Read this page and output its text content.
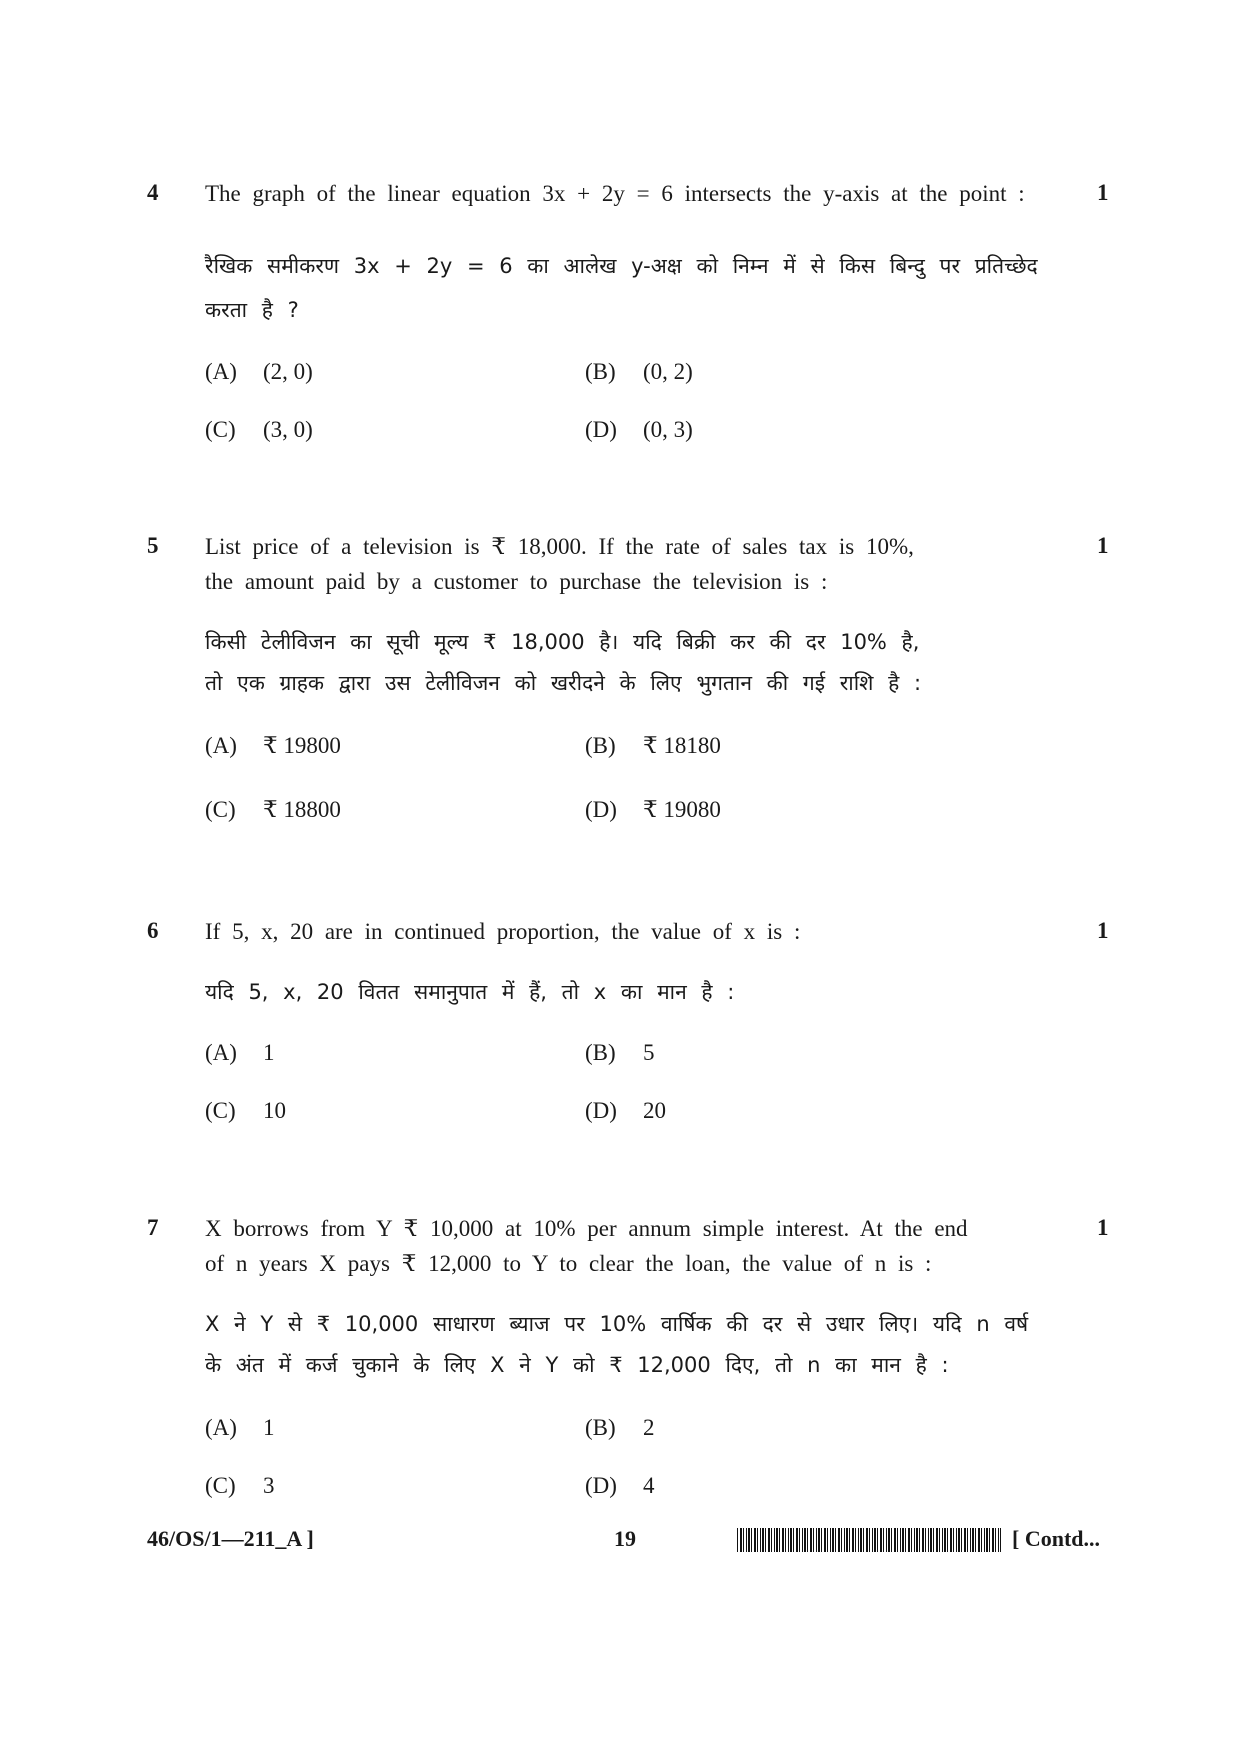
4	1
The graph of the linear equation 3x + 2y = 6 intersects the y-axis at the point :
रैखिक समीकरण 3x + 2y = 6 का आलेख y-अक्ष को निम्न में से किस बिन्दु पर प्रतिच्छेद
करता है ?
(A) (2, 0)	(B) (0, 2)
(C) (3, 0)	(D) (0, 3)
5	1
List price of a television is ₹ 18,000. If the rate of sales tax is 10%,
the amount paid by a customer to purchase the television is :
किसी टेलीविजन का सूची मूल्य ₹ 18,000 है। यदि बिक्री कर की दर 10% है,
तो एक ग्राहक द्वारा उस टेलीविजन को खरीदने के लिए भुगतान की गई राशि है :
(A) ₹ 19800	(B) ₹ 18180
(C) ₹ 18800	(D) ₹ 19080
6	1
If 5, x, 20 are in continued proportion, the value of x is :
यदि 5, x, 20 वितत समानुपात में हैं, तो x का मान है :
(A) 1	(B) 5
(C) 10	(D) 20
7	1
X borrows from Y ₹ 10,000 at 10% per annum simple interest. At the end
of n years X pays ₹ 12,000 to Y to clear the loan, the value of n is :
X ने Y से ₹ 10,000 साधारण ब्याज पर 10% वार्षिक की दर से उधार लिए। यदि n वर्ष
के अंत में कर्ज चुकाने के लिए X ने Y को ₹ 12,000 दिए, तो n का मान है :
(A) 1	(B) 2
(C) 3	(D) 4
46/OS/1—211_A ]	19	[ Contd...
